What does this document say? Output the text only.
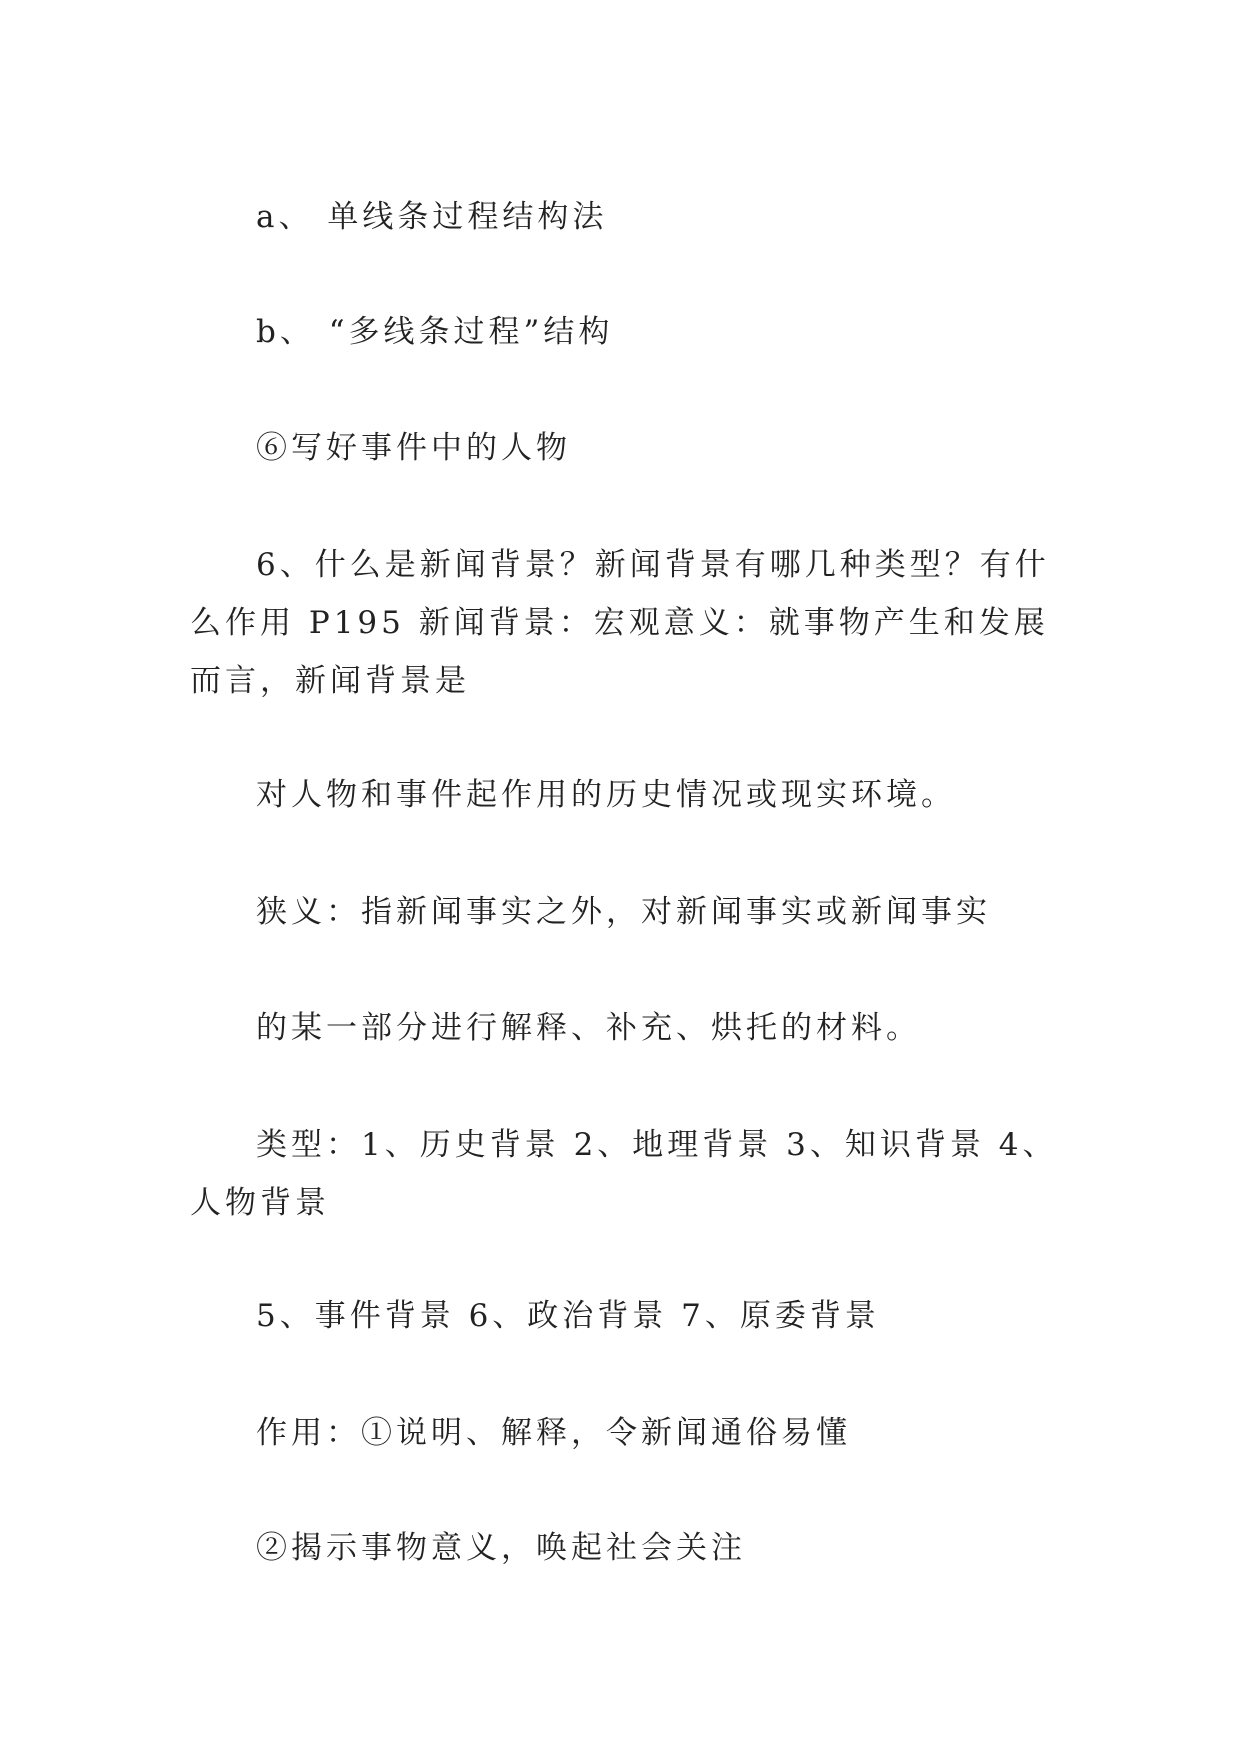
a、 单线条过程结构法

b、 “多线条过程”结构

⑥写好事件中的人物

6、什么是新闻背景？新闻背景有哪几种类型？有什么作用 P195 新闻背景：宏观意义：就事物产生和发展而言，新闻背景是

对人物和事件起作用的历史情况或现实环境。

狭义：指新闻事实之外，对新闻事实或新闻事实

的某一部分进行解释、补充、烘托的材料。

类型：1、历史背景 2、地理背景 3、知识背景 4、人物背景

5、事件背景 6、政治背景 7、原委背景

作用：①说明、解释，令新闻通俗易懂

②揭示事物意义，唤起社会关注
